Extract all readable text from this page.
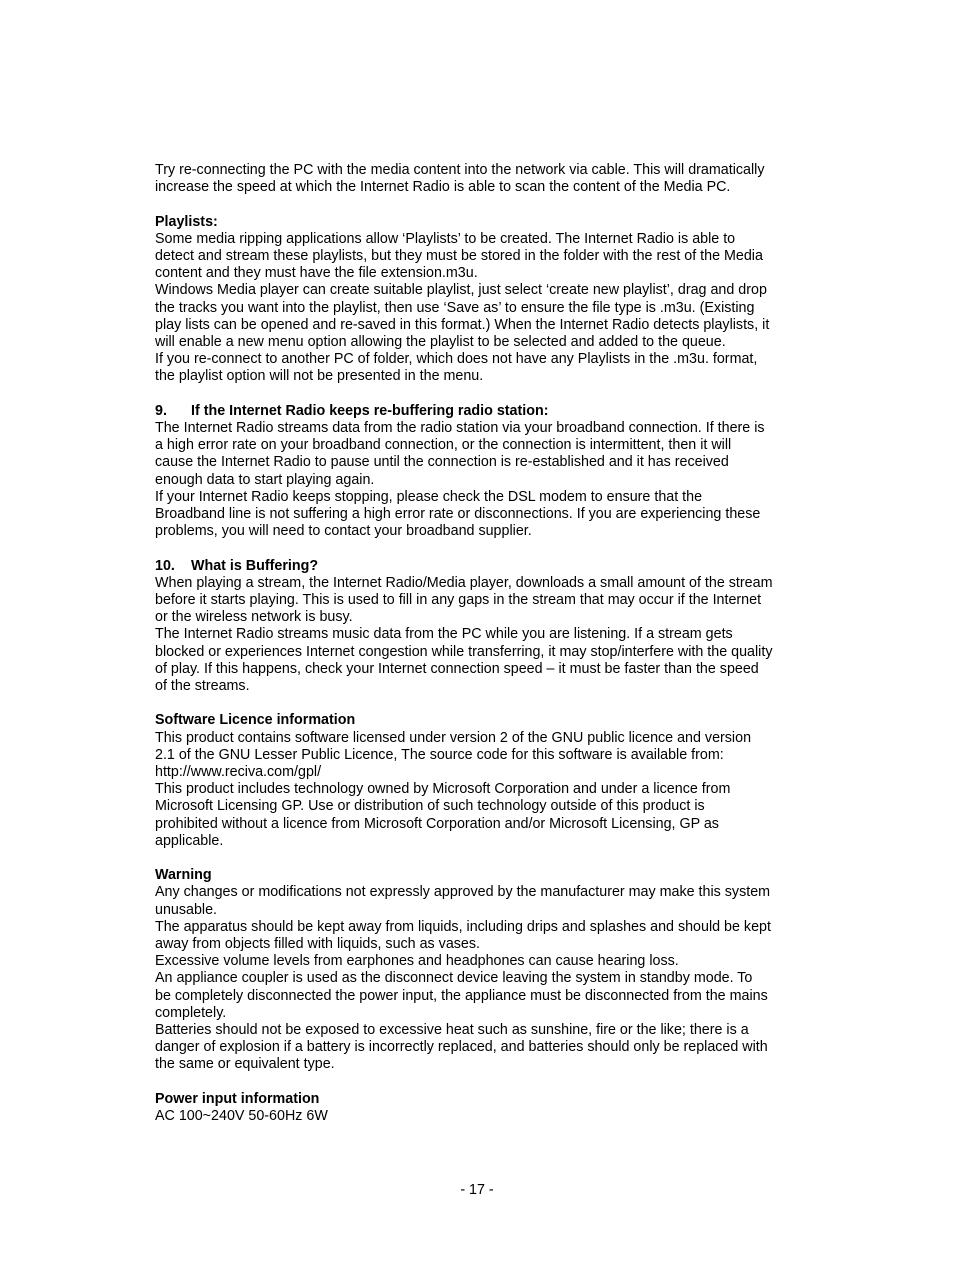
Try re-connecting the PC with the media content into the network via cable. This will dramatically
increase the speed at which the Internet Radio is able to scan the content of the Media PC.
Playlists:
Some media ripping applications allow ‘Playlists’ to be created. The Internet Radio is able to
detect and stream these playlists, but they must be stored in the folder with the rest of the Media
content and they must have the file extension.m3u.
Windows Media player can create suitable playlist, just select ‘create new playlist’, drag and drop
the tracks you want into the playlist, then use ‘Save as’ to ensure the file type is .m3u. (Existing
play lists can be opened and re-saved in this format.) When the Internet Radio detects playlists, it
will enable a new menu option allowing the playlist to be selected and added to the queue.
If you re-connect to another PC of folder, which does not have any Playlists in the .m3u. format,
the playlist option will not be presented in the menu.
9. If the Internet Radio keeps re-buffering radio station:
The Internet Radio streams data from the radio station via your broadband connection. If there is
a high error rate on your broadband connection, or the connection is intermittent, then it will
cause the Internet Radio to pause until the connection is re-established and it has received
enough data to start playing again.
If your Internet Radio keeps stopping, please check the DSL modem to ensure that the
Broadband line is not suffering a high error rate or disconnections. If you are experiencing these
problems, you will need to contact your broadband supplier.
10. What is Buffering?
When playing a stream, the Internet Radio/Media player, downloads a small amount of the stream
before it starts playing. This is used to fill in any gaps in the stream that may occur if the Internet
or the wireless network is busy.
The Internet Radio streams music data from the PC while you are listening. If a stream gets
blocked or experiences Internet congestion while transferring, it may stop/interfere with the quality
of play. If this happens, check your Internet connection speed – it must be faster than the speed
of the streams.
Software Licence information
This product contains software licensed under version 2 of the GNU public licence and version
2.1 of the GNU Lesser Public Licence, The source code for this software is available from:
http://www.reciva.com/gpl/
This product includes technology owned by Microsoft Corporation and under a licence from
Microsoft Licensing GP. Use or distribution of such technology outside of this product is
prohibited without a licence from Microsoft Corporation and/or Microsoft Licensing, GP as
applicable.
Warning
Any changes or modifications not expressly approved by the manufacturer may make this system
unusable.
The apparatus should be kept away from liquids, including drips and splashes and should be kept
away from objects filled with liquids, such as vases.
Excessive volume levels from earphones and headphones can cause hearing loss.
An appliance coupler is used as the disconnect device leaving the system in standby mode. To
be completely disconnected the power input, the appliance must be disconnected from the mains
completely.
Batteries should not be exposed to excessive heat such as sunshine, fire or the like; there is a
danger of explosion if a battery is incorrectly replaced, and batteries should only be replaced with
the same or equivalent type.
Power input information
AC 100~240V 50-60Hz 6W
- 17 -
